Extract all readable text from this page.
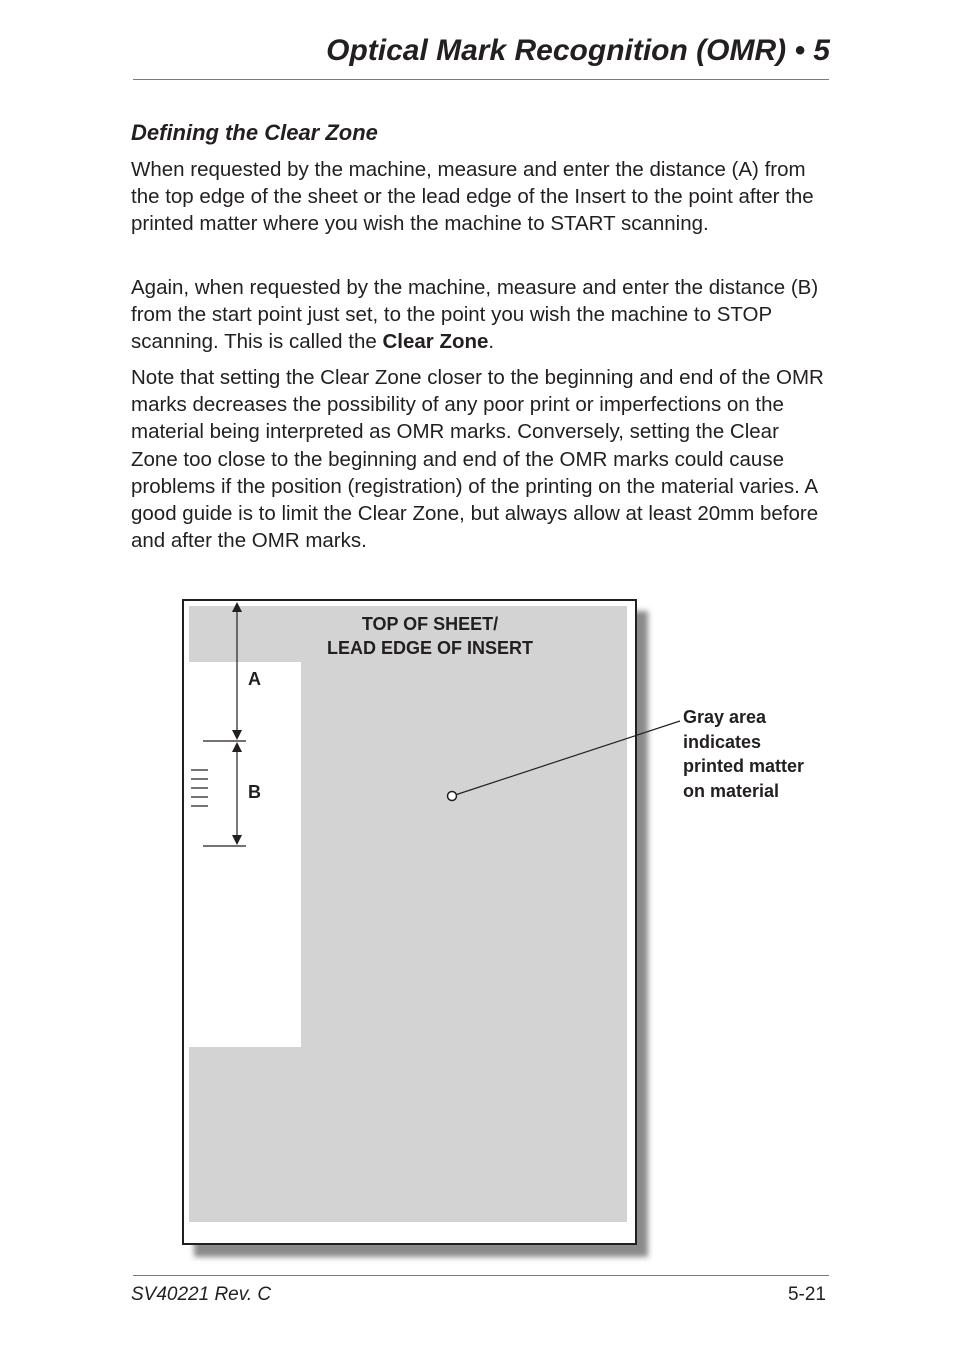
Optical Mark Recognition (OMR) • 5
Defining the Clear Zone

When requested by the machine, measure and enter the distance (A) from the top edge of the sheet or the lead edge of the Insert to the point after the printed matter where you wish the machine to START scanning.

Again, when requested by the machine, measure and enter the distance (B) from the start point just set, to the point you wish the machine to STOP scanning. This is called the Clear Zone.

Note that setting the Clear Zone closer to the beginning and end of the OMR marks decreases the possibility of any poor print or imperfections on the material being interpreted as OMR marks. Conversely, setting the Clear Zone too close to the beginning and end of the OMR marks could cause problems if the position (registration) of the printing on the material varies. A good guide is to limit the Clear Zone, but always allow at least 20mm before and after the OMR marks.

A
B
TOP OF SHEET/
LEAD EDGE OF INSERT
Gray area
indicates
printed matter
on material
SV40221 Rev. C	5-21
